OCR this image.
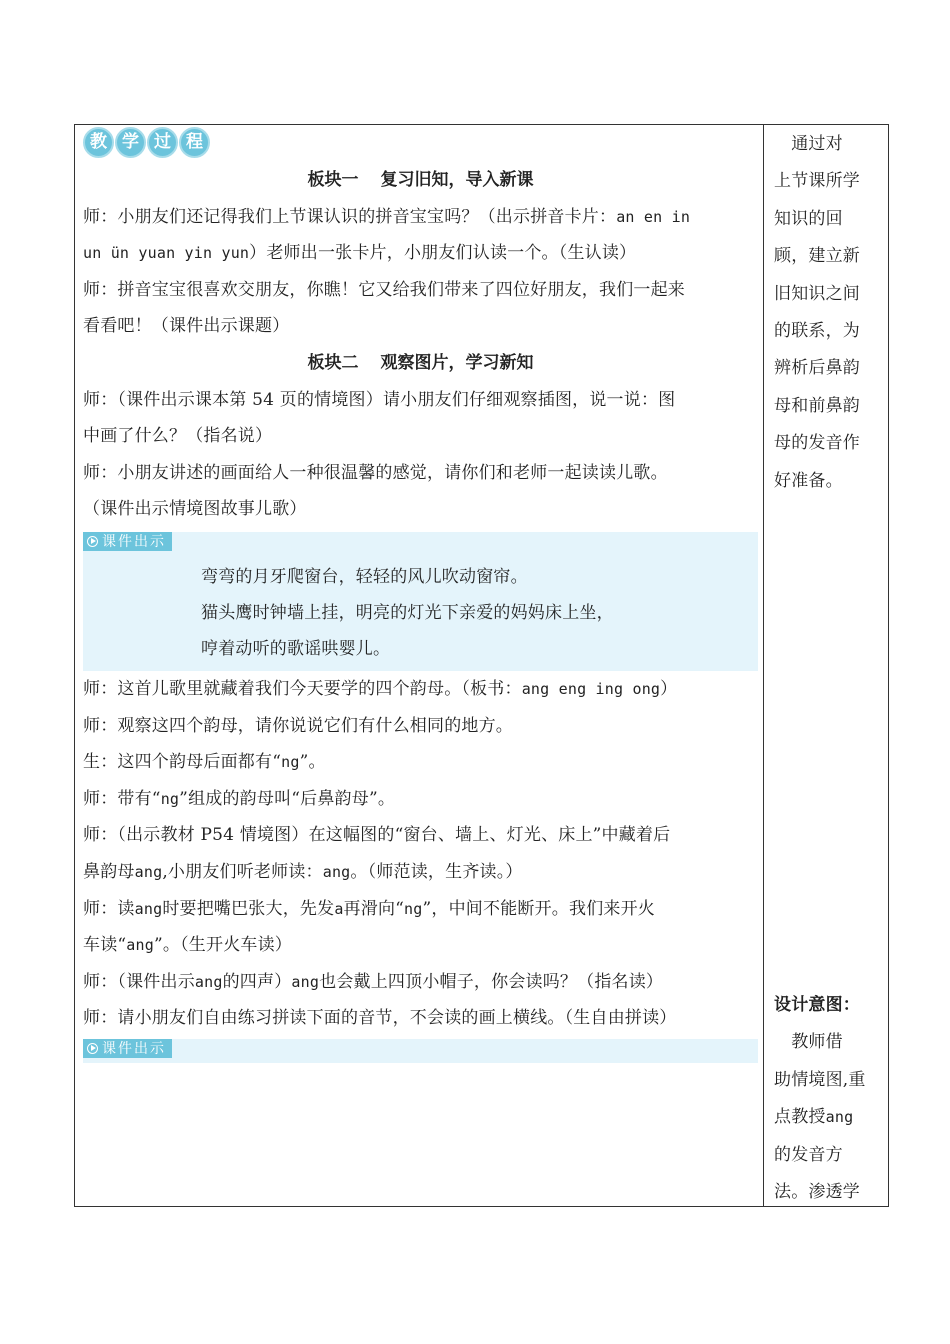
教 学 过 程
板块一 复习旧知，导入新课
师：小朋友们还记得我们上节课认识的拼音宝宝吗？（出示拼音卡片：an en in
un ün yuan yin yun）老师出一张卡片，小朋友们认读一个。（生认读）
师：拼音宝宝很喜欢交朋友，你瞧！它又给我们带来了四位好朋友，我们一起来
看看吧！（课件出示课题）
板块二 观察图片，学习新知
师：（课件出示课本第 54 页的情境图）请小朋友们仔细观察插图，说一说：图
中画了什么？（指名说）
师：小朋友讲述的画面给人一种很温馨的感觉，请你们和老师一起读读儿歌。
（课件出示情境图故事儿歌）
课件出示
弯弯的月牙爬窗台，轻轻的风儿吹动窗帘。
猫头鹰时钟墙上挂，明亮的灯光下亲爱的妈妈床上坐，
哼着动听的歌谣哄婴儿。
师：这首儿歌里就藏着我们今天要学的四个韵母。（板书：ang eng ing ong）
师：观察这四个韵母，请你说说它们有什么相同的地方。
生：这四个韵母后面都有“ng”。
师：带有“ng”组成的韵母叫“后鼻韵母”。
师：（出示教材 P54 情境图）在这幅图的“窗台、墙上、灯光、床上”中藏着后
鼻韵母ang,小朋友们听老师读：ang。（师范读，生齐读。）
师：读ang时要把嘴巴张大，先发a再滑向“ng”，中间不能断开。我们来开火
车读“ang”。（生开火车读）
师：（课件出示ang的四声）ang也会戴上四顶小帽子，你会读吗？（指名读）
师：请小朋友们自由练习拼读下面的音节，不会读的画上横线。（生自由拼读）
课件出示
　通过对
上节课所学
知识的回
顾，建立新
旧知识之间
的联系，为
辨析后鼻韵
母和前鼻韵
母的发音作
好准备。
设计意图：
　教师借
助情境图,重
点教授ang
的发音方
法。渗透学
